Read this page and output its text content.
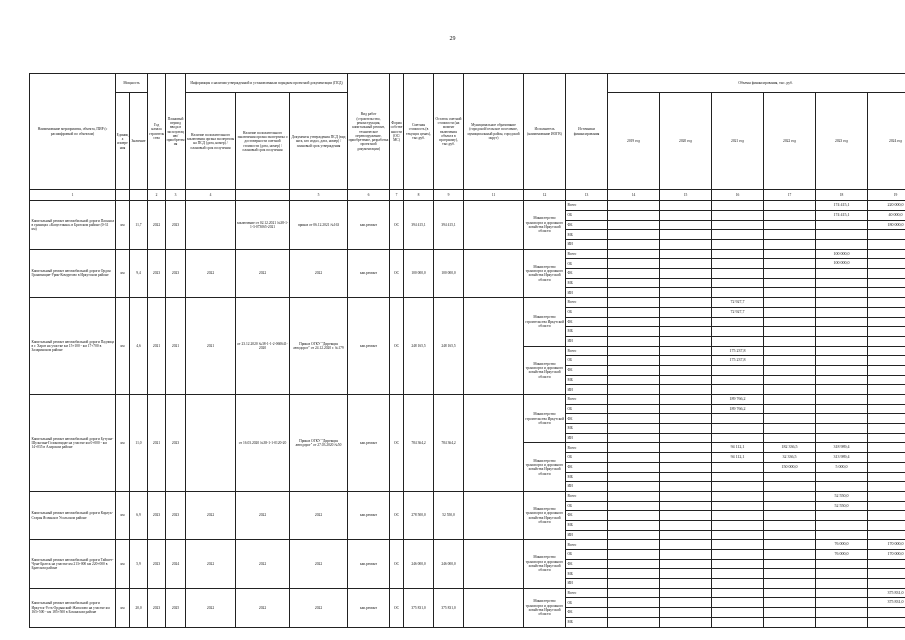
29
Наименование мероприятия, объекта, ПИР (с расшифровкой по объектам)	Мощность		Год начала строительства	Плановый период ввода в эксплуатацию/приобретения	Информация о наличии утвержденной и установленным порядком проектной документации (ПСД)			Вид работ (строительство, реконструкция, капитальный ремонт, техническое перевооружение, приобретение, разработка проектной документации)	Форма собственности (ОС/МС)	Сметная стоимость (в текущих ценах), тыс.руб.	Остаток сметной стоимости (на момент включения объекта в программу), тыс.руб.	Муниципальное образование (городской/сельское поселение, муниципальный район, городской округ)	Исполнитель (наименование ИОГВ)	Источники финансирования	Объемы финансирования, тыс. руб.					
	Единица измерения	Значение			Наличие положительного заключения органа экспертизы на ПСД (дата, номер) / плановый срок получения	Наличие положительного заключения органа экспертизы о достоверности сметной стоимости (дата, номер) / плановый срок получения	Документы утверждения ПСД (вид акта, кто издал, дата, номер) / плановый срок утверждения								2019 год	2020 год	2021 год	2022 год	2023 год	2024 год
1			2	3	4		5	6	7	8	9	11	12	13	14	15	16	17	18	19
Капитальный ремонт автомобильной дороги Пасынса в границах «Капустинка» в Братском районе (0-31 км)	км	11,7	2022	2023		заключение от 02.12.2021 №38-1-1-3-073065-2021	приказ от 06.12.2021 №163	кап.ремонт	ОС	394 415,1	394 415,1		Министерство транспорта и дорожного хозяйства Иркутской области	Всего					174 415,1	220 000,0
														ОБ					174 415,1	40 000,0
														ФБ						180 000,0
														МБ						
														ИИ						
Капитальный ремонт автомобильной дороги Ордон Граничащие-Урик-Комуртово в Иркутском районе	км	9,4	2023	2023	2022	2022	2022	кап.ремонт	ОС	100 000,0	100 000,0		Министерство транспорта и дорожного хозяйства Иркутской области	Всего					100 000,0	
														ОБ					100 000,0	
														ФБ						
														МБ						
														ИИ						
Капитальный ремонт автомобильной дороги Падчица в г. Харат на участке км 15+100 - км 17+700 в Заларинском районе	км	4,6	2021	2021	2021	от 23.12.2020 №38-1-1-2-060641-2020	Приказ ОГКУ "Дирекция автодорог" от 24.12.2020 г. №179	кап.ремонт	ОС	248 165,5	248 165,5		Министерство строительства Иркутской области	Всего			72 927,7			
														ОБ			72 927,7			
														ФБ						
														МБ						
														ИИ						
													Министерство транспорта и дорожного хозяйства Иркутской области	Всего			175 237,8			
														ОБ			175 237,8			
														ФБ						
														МБ						
														ИИ						
Капитальный ремонт автомобильной дороги Бутуша-Шульгина-Голоновидае на участке км 0+000 - км 14+035 в Аларском районе	км	11,0	2021	2023		от 16.03.2020 №38-1-1-0120-20	Приказ ОГКУ "Дирекция автодорог" от 27.03.2020 №50	кап.ремонт	ОС	784 364,2	784 364,2		Министерство строительства Иркутской области	Всего			189 766,2			
														ОБ			189 766,2			
														ФБ						
														МБ						
														ИИ						
													Министерство транспорта и дорожного хозяйства Иркутской области	Всего			94 112,1	182 336,5	318 989,4	
														ОБ			94 112,1	32 336,5	313 989,4	
														ФБ				150 000,0	5 000,0	
														МБ						
														ИИ						
Капитальный ремонт автомобильной дороги Карлук-Старая Ясачная в Усольском районе	км	6,9	2023	2023	2022	2022	2022	кап.ремонт	ОС	278 500,0	52 550,0		Министерство транспорта и дорожного хозяйства Иркутской области	Всего					52 550,0	
														ОБ					52 550,0	
														ФБ						
														МБ						
														ИИ						
Капитальный ремонт автомобильной дороги Тайшет-Чуна-Братск на участке км 213+000 км 220+000 в Братском районе	км	5,9	2023	2024	2022	2022	2022	кап.ремонт	ОС	246 000,0	246 000,0		Министерство транспорта и дорожного хозяйства Иркутской области	Всего					76 000,0	170 000,0
														ОБ					76 000,0	170 000,0
														ФБ						
														МБ						
														ИИ						
Капитальный ремонт автомобильной дороги Иркутск-Усть-Ордынский-Жигалово на участке км 165+500 - км 185+500 в Боханском районе	км	20,0	2023	2025	2022	2022	2022	кап.ремонт	ОС	375 831,0	375 831,0		Министерство транспорта и дорожного хозяйства Иркутской области	Всего						375 831,0
														ОБ						375 831,0
														ФБ						
														МБ						
